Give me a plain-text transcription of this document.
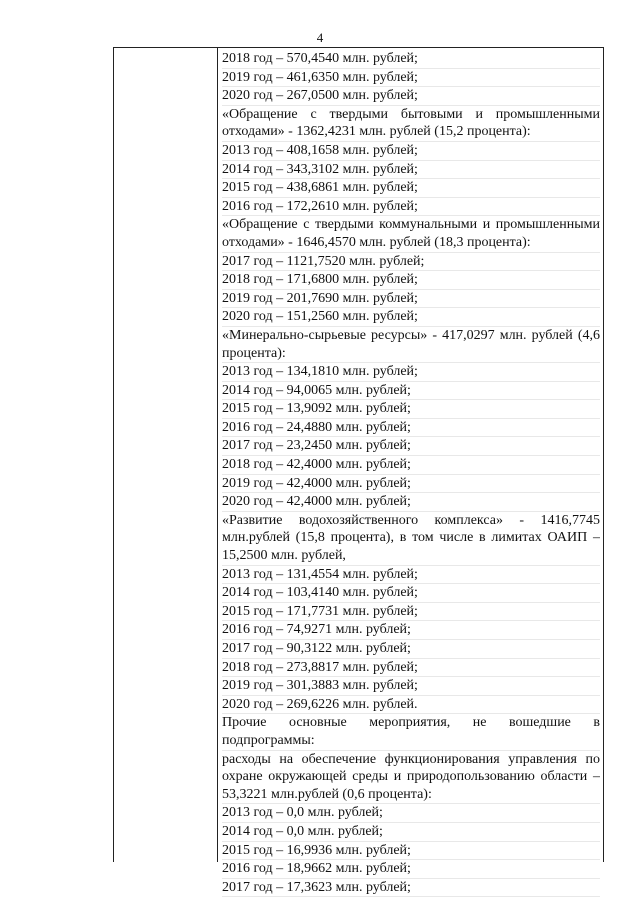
4
2018 год – 570,4540 млн. рублей;
2019 год – 461,6350 млн. рублей;
2020 год – 267,0500 млн. рублей;
«Обращение с твердыми бытовыми и промышленными отходами» - 1362,4231 млн. рублей (15,2 процента):
2013 год – 408,1658 млн. рублей;
2014 год – 343,3102 млн. рублей;
2015 год – 438,6861 млн. рублей;
2016 год – 172,2610 млн. рублей;
«Обращение с твердыми коммунальными и промышленными отходами» - 1646,4570 млн. рублей (18,3 процента):
2017 год – 1121,7520 млн. рублей;
2018 год – 171,6800 млн. рублей;
2019 год – 201,7690 млн. рублей;
2020 год – 151,2560 млн. рублей;
«Минерально-сырьевые ресурсы» - 417,0297 млн. рублей (4,6 процента):
2013 год – 134,1810 млн. рублей;
2014 год – 94,0065 млн. рублей;
2015 год – 13,9092 млн. рублей;
2016 год – 24,4880 млн. рублей;
2017 год – 23,2450 млн. рублей;
2018 год – 42,4000 млн. рублей;
2019 год – 42,4000 млн. рублей;
2020 год – 42,4000 млн. рублей;
«Развитие водохозяйственного комплекса» - 1416,7745 млн.рублей (15,8 процента), в том числе в лимитах ОАИП – 15,2500 млн. рублей,
2013 год – 131,4554 млн. рублей;
2014 год – 103,4140 млн. рублей;
2015 год – 171,7731 млн. рублей;
2016 год – 74,9271 млн. рублей;
2017 год – 90,3122 млн. рублей;
2018 год – 273,8817 млн. рублей;
2019 год – 301,3883 млн. рублей;
2020 год – 269,6226 млн. рублей.
Прочие основные мероприятия, не вошедшие в подпрограммы:
расходы на обеспечение функционирования управления по охране окружающей среды и природопользованию области – 53,3221 млн.рублей (0,6 процента):
2013 год – 0,0 млн. рублей;
2014 год – 0,0 млн. рублей;
2015 год – 16,9936 млн. рублей;
2016 год – 18,9662 млн. рублей;
2017 год – 17,3623 млн. рублей;
